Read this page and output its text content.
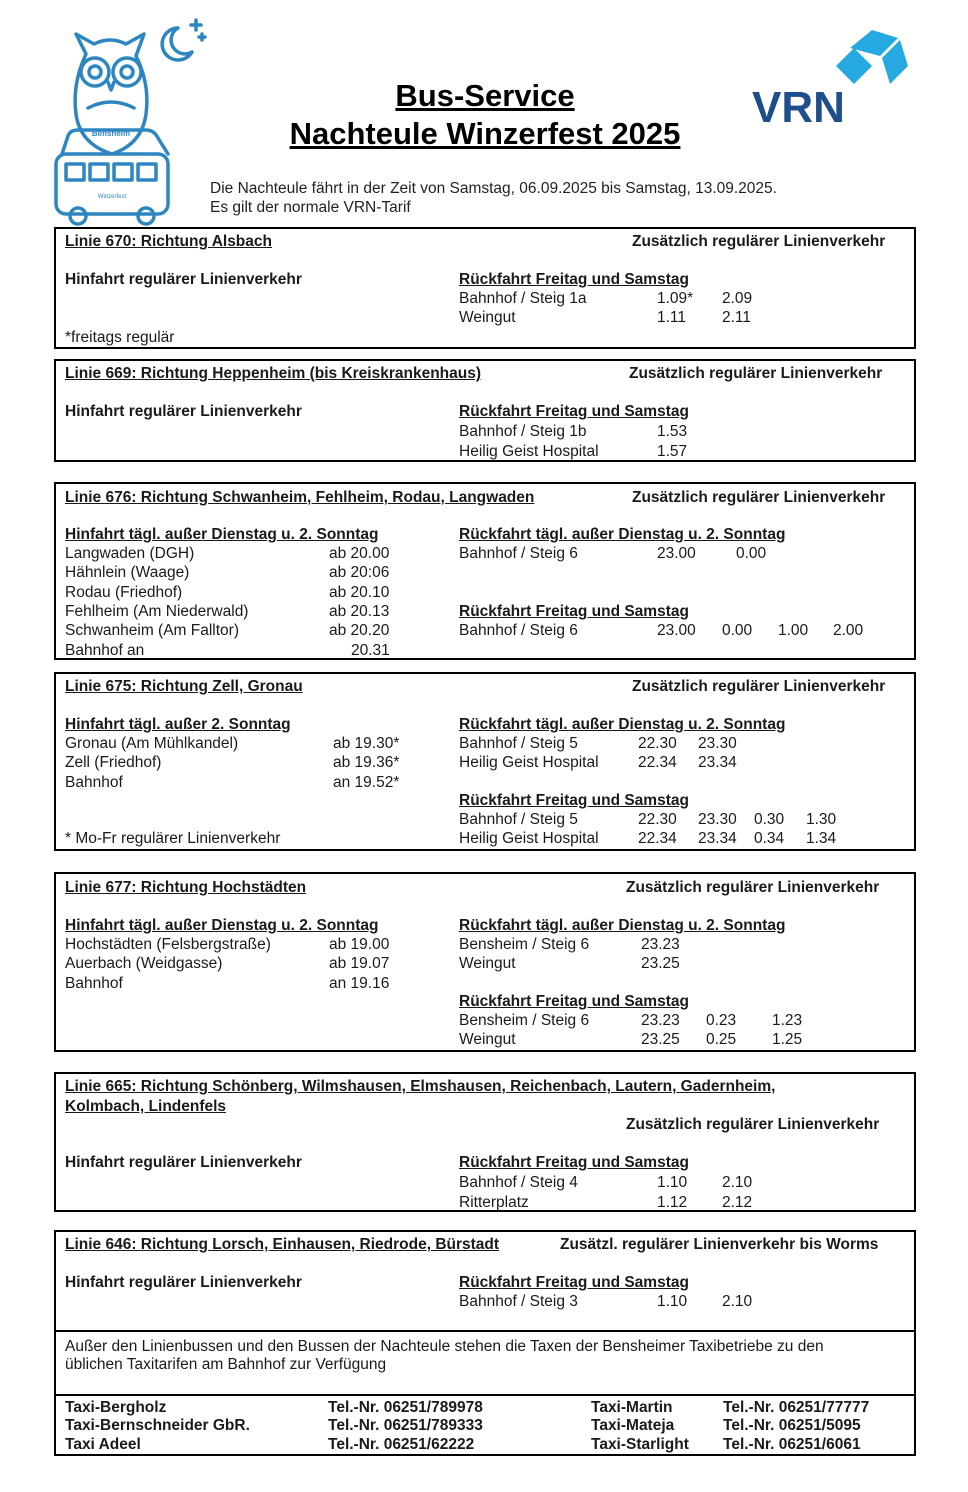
Bensheim
Winzerfest
VRN
Bus-Service
Nachteule Winzerfest 2025
Die Nachteule fährt in der Zeit von Samstag, 06.09.2025 bis Samstag, 13.09.2025.
Es gilt der normale VRN-Tarif
Linie 670: Richtung Alsbach	Zusätzlich regulärer Linienverkehr
Hinfahrt regulärer Linienverkehr	Rückfahrt Freitag und Samstag
Bahnhof / Steig 1a	1.09* 2.09
Weingut	1.11 2.11
*freitags regulär
Linie 669: Richtung Heppenheim (bis Kreiskrankenhaus)	Zusätzlich regulärer Linienverkehr
Hinfahrt regulärer Linienverkehr	Rückfahrt Freitag und Samstag
Bahnhof / Steig 1b	1.53
Heilig Geist Hospital	1.57
Linie 676: Richtung Schwanheim, Fehlheim, Rodau, Langwaden	Zusätzlich regulärer Linienverkehr
Hinfahrt tägl. außer Dienstag u. 2. Sonntag
Langwaden (DGH)	ab 20.00
Hähnlein (Waage)	ab 20:06
Rodau (Friedhof)	ab 20.10
Fehlheim (Am Niederwald)	ab 20.13
Schwanheim (Am Falltor)	ab 20.20
Bahnhof an	20.31
Rückfahrt tägl. außer Dienstag u. 2. Sonntag
Bahnhof / Steig 6	23.00	0.00
Rückfahrt Freitag und Samstag
Bahnhof / Steig 6	23.00 0.00 1.00 2.00
Linie 675: Richtung Zell, Gronau	Zusätzlich regulärer Linienverkehr
Hinfahrt tägl. außer 2. Sonntag
Gronau (Am Mühlkandel)	ab 19.30*
Zell (Friedhof)	ab 19.36*
Bahnhof	an 19.52*
* Mo-Fr regulärer Linienverkehr
Rückfahrt tägl. außer Dienstag u. 2. Sonntag
Bahnhof / Steig 5	22.30 23.30
Heilig Geist Hospital	22.34 23.34
Rückfahrt Freitag und Samstag
Bahnhof / Steig 5	22.30 23.30 0.30 1.30
Heilig Geist Hospital	22.34 23.34 0.34 1.34
Linie 677: Richtung Hochstädten	Zusätzlich regulärer Linienverkehr
Hinfahrt tägl. außer Dienstag u. 2. Sonntag
Hochstädten (Felsbergstraße)	ab 19.00
Auerbach (Weidgasse)	ab 19.07
Bahnhof	an 19.16
Rückfahrt tägl. außer Dienstag u. 2. Sonntag
Bensheim / Steig 6	23.23
Weingut	23.25
Rückfahrt Freitag und Samstag
Bensheim / Steig 6	23.23 0.23 1.23
Weingut	23.25 0.25 1.25
Linie 665: Richtung Schönberg, Wilmshausen, Elmshausen, Reichenbach, Lautern, Gadernheim,
Kolmbach, Lindenfels
Zusätzlich regulärer Linienverkehr
Hinfahrt regulärer Linienverkehr	Rückfahrt Freitag und Samstag
Bahnhof / Steig 4	1.10 2.10
Ritterplatz	1.12 2.12
Linie 646: Richtung Lorsch, Einhausen, Riedrode, Bürstadt	Zusätzl. regulärer Linienverkehr bis Worms
Hinfahrt regulärer Linienverkehr	Rückfahrt Freitag und Samstag
Bahnhof / Steig 3	1.10 2.10
Außer den Linienbussen und den Bussen der Nachteule stehen die Taxen der Bensheimer Taxibetriebe zu den
üblichen Taxitarifen am Bahnhof zur Verfügung
Taxi-Bergholz	Tel.-Nr. 06251/789978
Taxi-Bernschneider GbR.	Tel.-Nr. 06251/789333
Taxi Adeel	Tel.-Nr. 06251/62222
Taxi-Martin	Tel.-Nr. 06251/77777
Taxi-Mateja	Tel.-Nr. 06251/5095
Taxi-Starlight Tel.-Nr. 06251/6061
